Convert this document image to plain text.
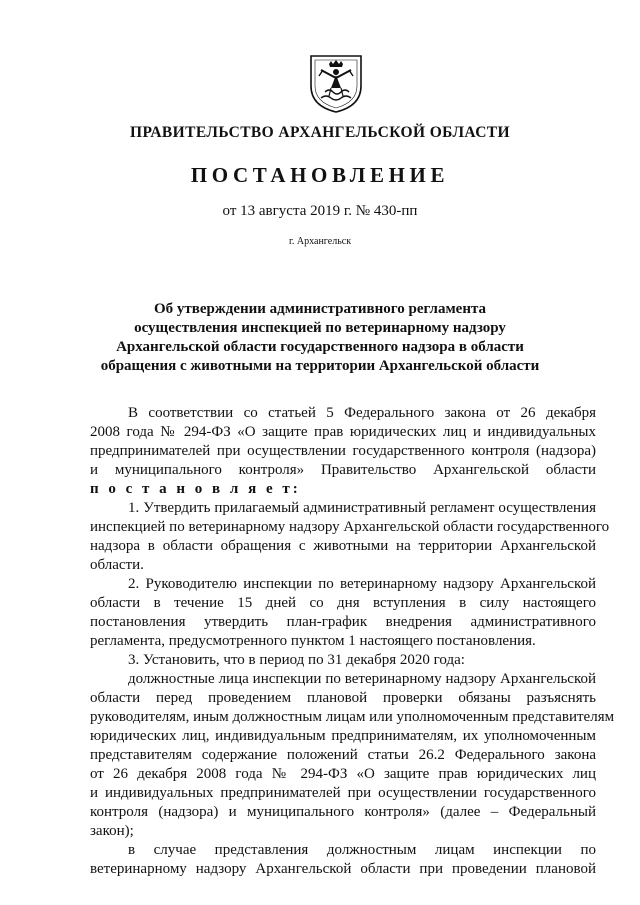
ПРАВИТЕЛЬСТВО АРХАНГЕЛЬСКОЙ ОБЛАСТИ
ПОСТАНОВЛЕНИЕ
от 13 августа 2019 г. № 430-пп
г. Архангельск
Об утверждении административного регламента
осуществления инспекцией по ветеринарному надзору
Архангельской области государственного надзора в области
обращения с животными на территории Архангельской области
В соответствии со статьей 5 Федерального закона от 26 декабря
2008 года № 294-ФЗ «О защите прав юридических лиц и индивидуальных
предпринимателей при осуществлении государственного контроля (надзора)
и муниципального контроля» Правительство Архангельской области
п о с т а н о в л я е т:
1. Утвердить прилагаемый административный регламент осуществления
инспекцией по ветеринарному надзору Архангельской области государственного
надзора в области обращения с животными на территории Архангельской
области.
2. Руководителю инспекции по ветеринарному надзору Архангельской
области в течение 15 дней со дня вступления в силу настоящего
постановления утвердить план-график внедрения административного
регламента, предусмотренного пунктом 1 настоящего постановления.
3. Установить, что в период по 31 декабря 2020 года:
должностные лица инспекции по ветеринарному надзору Архангельской
области перед проведением плановой проверки обязаны разъяснять
руководителям, иным должностным лицам или уполномоченным представителям
юридических лиц, индивидуальным предпринимателям, их уполномоченным
представителям содержание положений статьи 26.2 Федерального закона
от 26 декабря 2008 года № 294-ФЗ «О защите прав юридических лиц
и индивидуальных предпринимателей при осуществлении государственного
контроля (надзора) и муниципального контроля» (далее – Федеральный
закон);
в случае представления должностным лицам инспекции по
ветеринарному надзору Архангельской области при проведении плановой
